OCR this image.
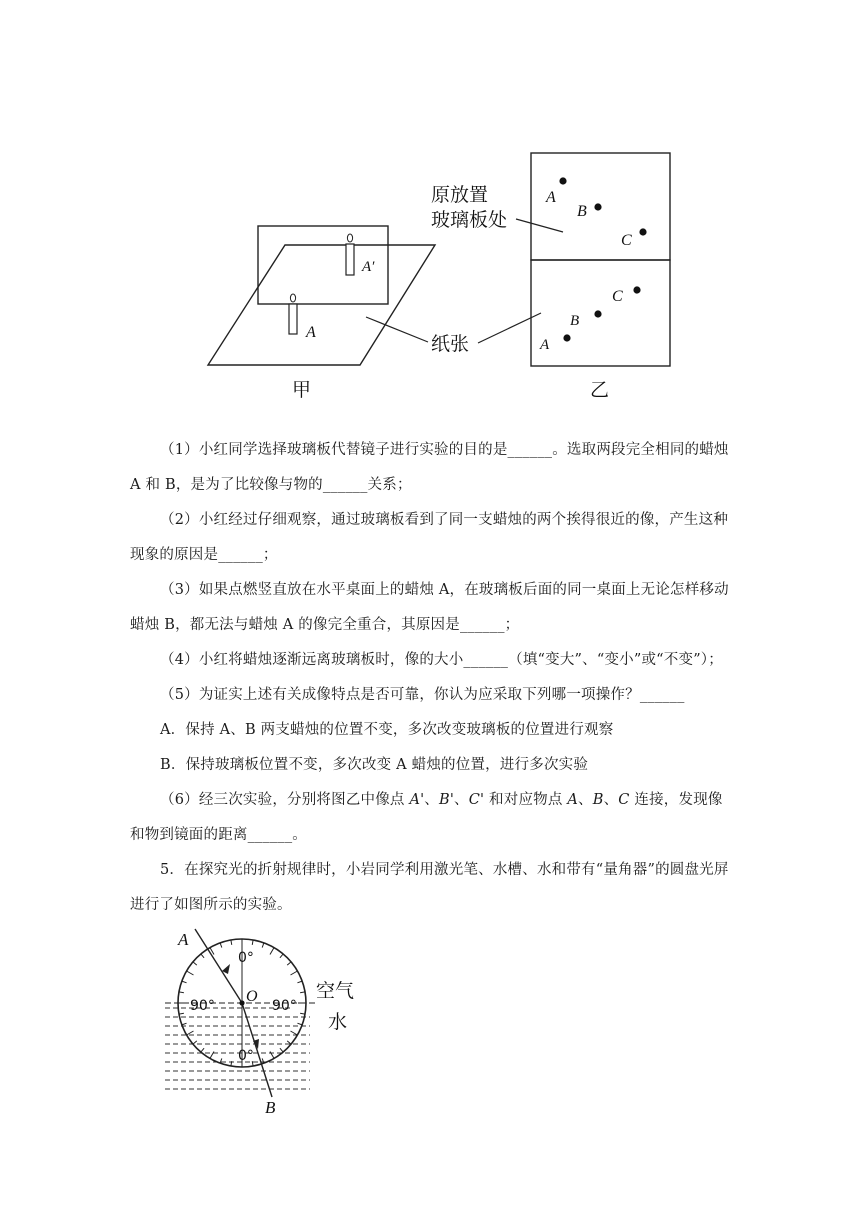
A
A′
A
B
C
A
B
C
原放置
玻璃板处
纸张
甲	乙

（1）小红同学选择玻璃板代替镜子进行实验的目的是______。选取两段完全相同的蜡烛 A 和 B，是为了比较像与物的______关系；

（2）小红经过仔细观察，通过玻璃板看到了同一支蜡烛的两个挨得很近的像，产生这种现象的原因是______；

（3）如果点燃竖直放在水平桌面上的蜡烛 A，在玻璃板后面的同一桌面上无论怎样移动蜡烛 B，都无法与蜡烛 A 的像完全重合，其原因是______；

（4）小红将蜡烛逐渐远离玻璃板时，像的大小______（填“变大”、“变小”或“不变”）；

（5）为证实上述有关成像特点是否可靠，你认为应采取下列哪一项操作？______

A．保持 A、B 两支蜡烛的位置不变，多次改变玻璃板的位置进行观察

B．保持玻璃板位置不变，多次改变 A 蜡烛的位置，进行多次实验

（6）经三次实验，分别将图乙中像点 A'、B'、C' 和对应物点 A、B、C 连接，发现像和物到镜面的距离______。

5．在探究光的折射规律时，小岩同学利用激光笔、水槽、水和带有“量角器”的圆盘光屏进行了如图所示的实验。

A
B
O
0°
0°
90°	90°
空气
水
